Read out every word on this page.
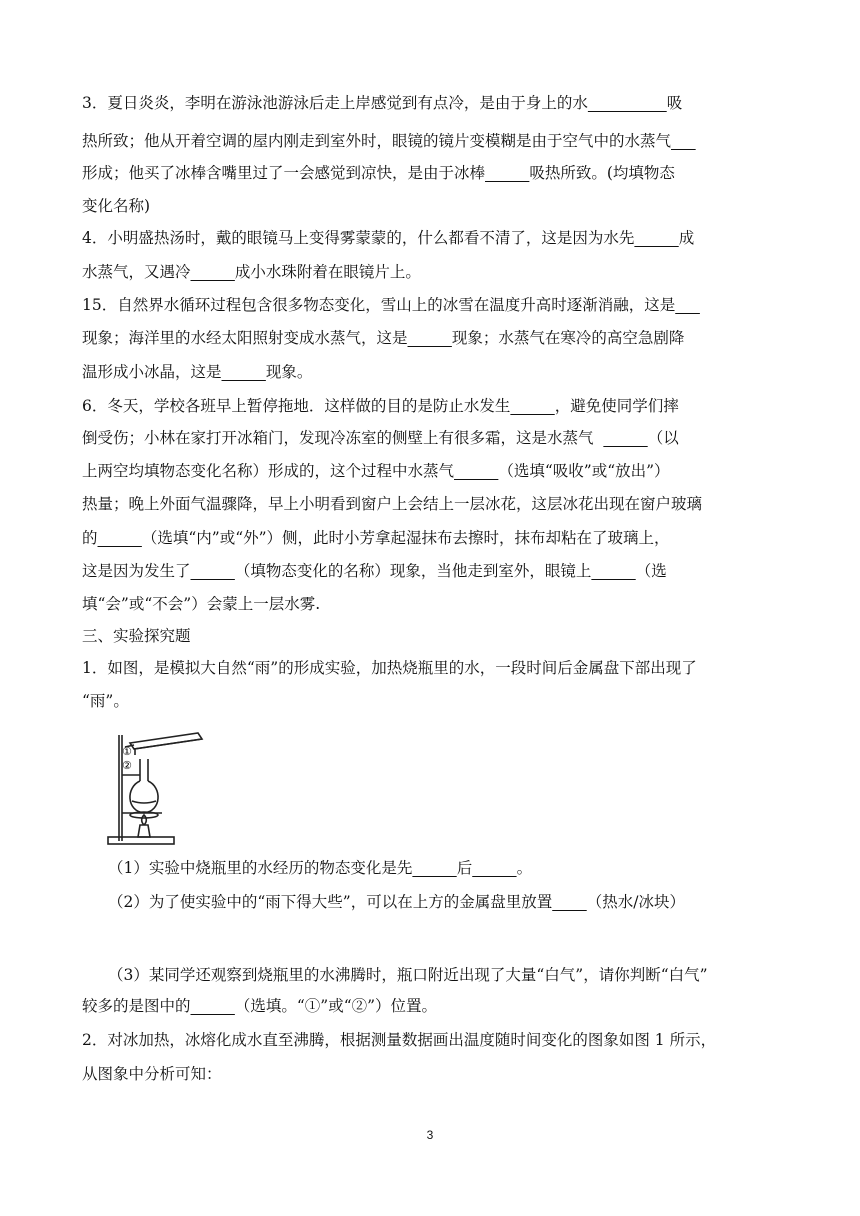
3．夏日炎炎，李明在游泳池游泳后走上岸感觉到有点冷，是由于身上的水	吸
热所致；他从开着空调的屋内刚走到室外时，眼镜的镜片变模糊是由于空气中的水蒸气
形成；他买了冰棒含嘴里过了一会感觉到凉快，是由于冰棒	吸热所致。(均填物态
变化名称)
4．小明盛热汤时，戴的眼镜马上变得雾蒙蒙的，什么都看不清了，这是因为水先	成
水蒸气，又遇冷	成小水珠附着在眼镜片上。
15．自然界水循环过程包含很多物态变化，雪山上的冰雪在温度升高时逐渐消融，这是
现象；海洋里的水经太阳照射变成水蒸气，这是	现象；水蒸气在寒冷的高空急剧降
温形成小冰晶，这是	现象。
6．冬天，学校各班早上暂停拖地．这样做的目的是防止水发生	，避免使同学们摔
倒受伤；小林在家打开冰箱门，发现冷冻室的侧壁上有很多霜，这是水蒸气	（以
上两空均填物态变化名称）形成的，这个过程中水蒸气	（选填“吸收”或“放出”）
热量；晚上外面气温骤降，早上小明看到窗户上会结上一层冰花，这层冰花出现在窗户玻璃
的	（选填“内”或“外”）侧，此时小芳拿起湿抹布去擦时，抹布却粘在了玻璃上，
这是因为发生了	（填物态变化的名称）现象，当他走到室外，眼镜上	（选
填“会”或“不会”）会蒙上一层水雾.
三、实验探究题
1．如图，是模拟大自然“雨”的形成实验，加热烧瓶里的水，一段时间后金属盘下部出现了
“雨”。
①
②
（1）实验中烧瓶里的水经历的物态变化是先	后	。
（2）为了使实验中的“雨下得大些”，可以在上方的金属盘里放置 （热水/冰块）
（3）某同学还观察到烧瓶里的水沸腾时，瓶口附近出现了大量“白气”，请你判断“白气”
较多的是图中的	（选填。“①”或“②”）位置。
2．对冰加热，冰熔化成水直至沸腾，根据测量数据画出温度随时间变化的图象如图 1 所示，
从图象中分析可知：
3
